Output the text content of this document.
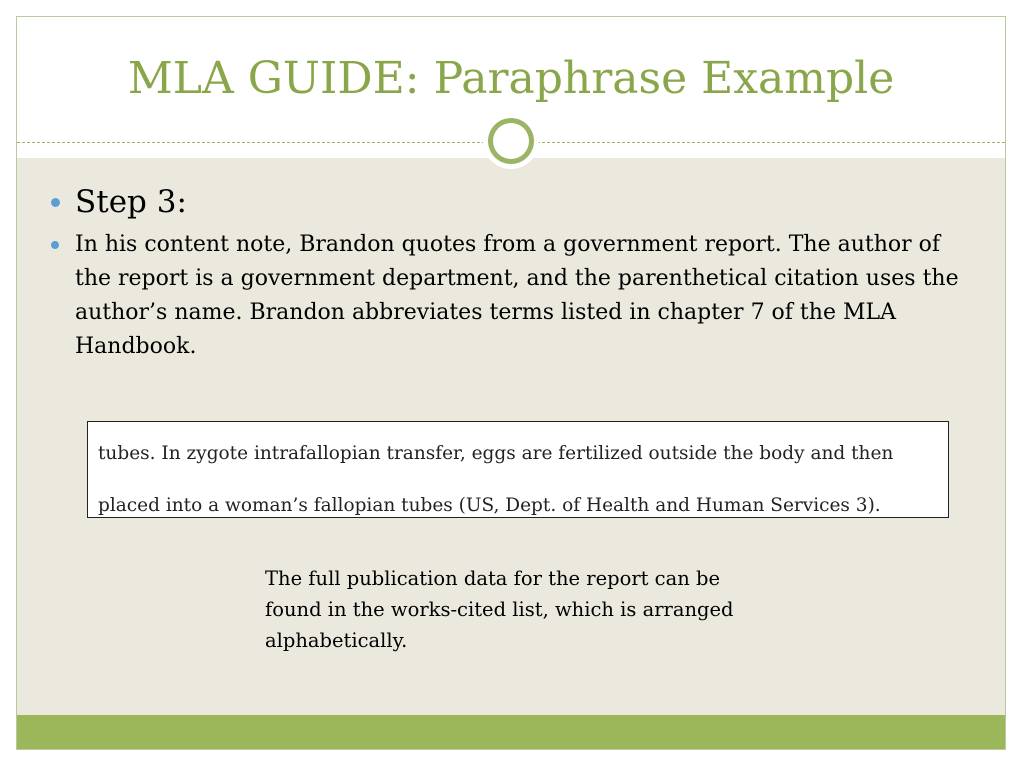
MLA GUIDE: Paraphrase Example
Step 3:
In his content note, Brandon quotes from a government report. The author of the report is a government department, and the parenthetical citation uses the author’s name. Brandon abbreviates terms listed in chapter 7 of the MLA Handbook.
tubes. In zygote intrafallopian transfer, eggs are fertilized outside the body and then
placed into a woman’s fallopian tubes (US, Dept. of Health and Human Services 3).
The full publication data for the report can be found in the works-cited list, which is arranged alphabetically.
